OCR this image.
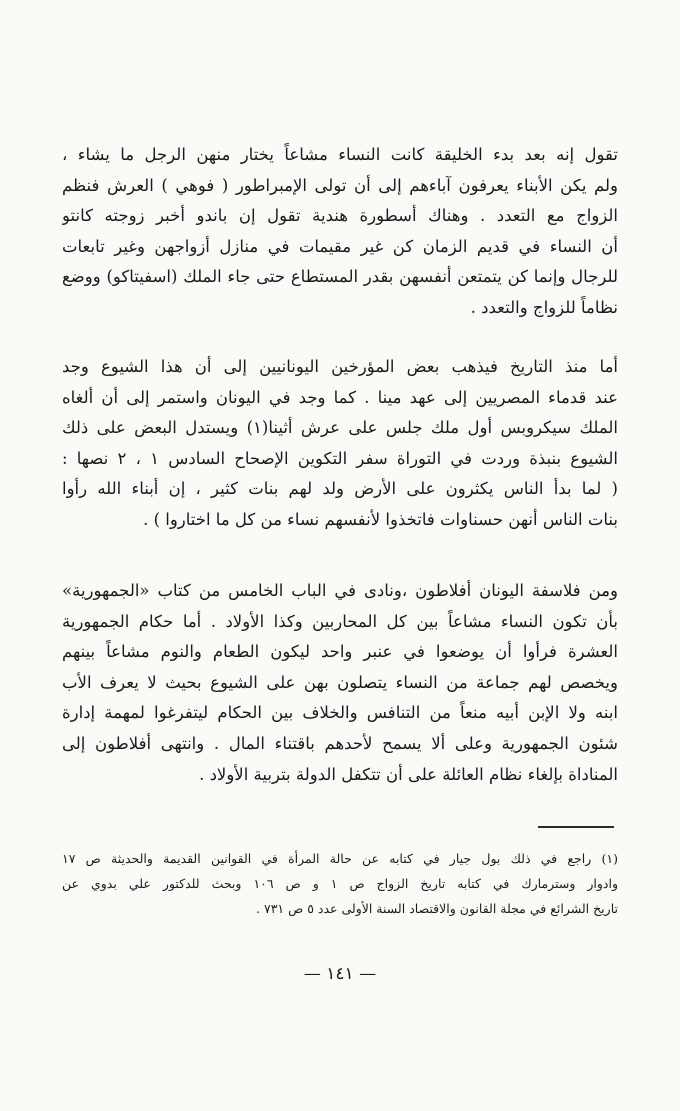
تقول إنه بعد بدء الخليقة كانت النساء مشاعاً يختار منهن الرجل ما يشاء ،
ولم يكن الأبناء يعرفون آباءهم إلى أن تولى الإمبراطور ( فوهي ) العرش فنظم
الزواج مع التعدد . وهناك أسطورة هندية تقول إن باندو أخبر زوجته كانتو
أن النساء في قديم الزمان كن غير مقيمات في منازل أزواجهن وغير تابعات
للرجال وإنما كن يتمتعن أنفسهن بقدر المستطاع حتى جاء الملك (اسفيتاكو) ووضع
نظاماً للزواج والتعدد .
أما منذ التاريخ فيذهب بعض المؤرخين اليونانيين إلى أن هذا الشيوع وجد
عند قدماء المصريين إلى عهد مينا . كما وجد في اليونان واستمر إلى أن ألغاه
الملك سيكروبس أول ملك جلس على عرش أثينا(١) ويستدل البعض على ذلك
الشيوع بنبذة وردت في التوراة سفر التكوين الإصحاح السادس ١ ، ٢ نصها :
( لما بدأ الناس يكثرون على الأرض ولد لهم بنات كثير ، إن أبناء الله رأوا
بنات الناس أنهن حسناوات فاتخذوا لأنفسهم نساء من كل ما اختاروا ) .
ومن فلاسفة اليونان أفلاطون ،ونادى في الباب الخامس من كتاب «الجمهورية»
بأن تكون النساء مشاعاً بين كل المحاربين وكذا الأولاد . أما حكام الجمهورية
العشرة فرأوا أن يوضعوا في عنبر واحد ليكون الطعام والنوم مشاعاً بينهم
ويخصص لهم جماعة من النساء يتصلون بهن على الشيوع بحيث لا يعرف الأب
ابنه ولا الإبن أبيه منعاً من التنافس والخلاف بين الحكام ليتفرغوا لمهمة إدارة
شئون الجمهورية وعلى ألا يسمح لأحدهم باقتناء المال . وانتهى أفلاطون إلى
المناداة بإلغاء نظام العائلة على أن تتكفل الدولة بتربية الأولاد .
(١) راجع في ذلك بول جيار في كتابه عن حالة المرأة في القوانين القديمة والحديثة ص ١٧
وادوار وسترمارك في كتابه تاريخ الزواج ص ١ و ص ١٠٦ وبحث للدكتور علي بدوي عن
تاريخ الشرائع في مجلة القانون والاقتصاد السنة الأولى عدد ٥ ص ٧٣١ .
— ١٤١ —
